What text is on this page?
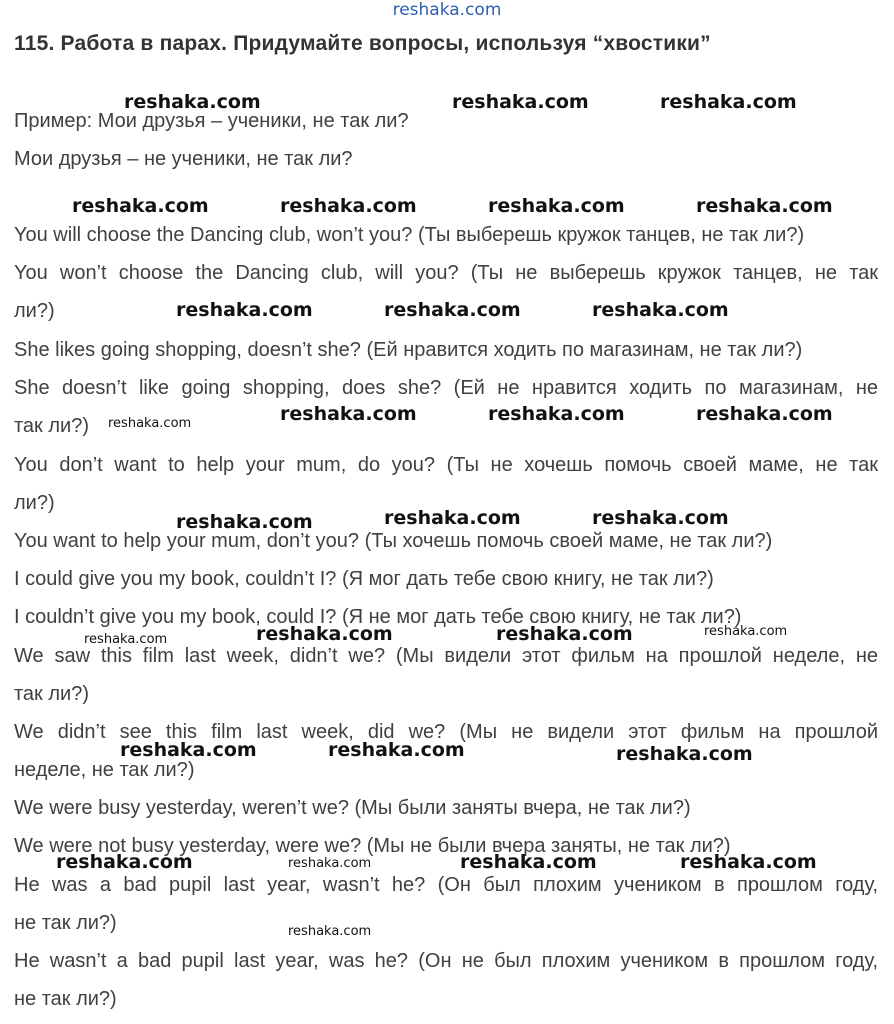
reshaka.com
115. Работа в парах. Придумайте вопросы, используя “хвостики”
Пример: Мои друзья – ученики, не так ли?
Мои друзья – не ученики, не так ли?
You will choose the Dancing club, won’t you? (Ты выберешь кружок танцев, не так ли?)
You won’t choose the Dancing club, will you? (Ты не выберешь кружок танцев, не так
ли?)
She likes going shopping, doesn’t she? (Ей нравится ходить по магазинам, не так ли?)
She doesn’t like going shopping, does she? (Ей не нравится ходить по магазинам, не
так ли?)
You don’t want to help your mum, do you? (Ты не хочешь помочь своей маме, не так
ли?)
You want to help your mum, don’t you? (Ты хочешь помочь своей маме, не так ли?)
I could give you my book, couldn’t I? (Я мог дать тебе свою книгу, не так ли?)
I couldn’t give you my book, could I? (Я не мог дать тебе свою книгу, не так ли?)
We saw this film last week, didn’t we? (Мы видели этот фильм на прошлой неделе, не
так ли?)
We didn’t see this film last week, did we? (Мы не видели этот фильм на прошлой
неделе, не так ли?)
We were busy yesterday, weren’t we? (Мы были заняты вчера, не так ли?)
We were not busy yesterday, were we? (Мы не были вчера заняты, не так ли?)
He was a bad pupil last year, wasn’t he? (Он был плохим учеником в прошлом году,
не так ли?)
He wasn’t a bad pupil last year, was he? (Он не был плохим учеником в прошлом году,
не так ли?)
reshaka.com	reshaka.com	reshaka.com
reshaka.com	reshaka.com	reshaka.com	reshaka.com
reshaka.com	reshaka.com	reshaka.com
reshaka.com	reshaka.com	reshaka.com	reshaka.com
reshaka.com	reshaka.com	reshaka.com
reshaka.com	reshaka.com	reshaka.com	reshaka.com
reshaka.com	reshaka.com	reshaka.com
reshaka.com	reshaka.com	reshaka.com	reshaka.com
reshaka.com
